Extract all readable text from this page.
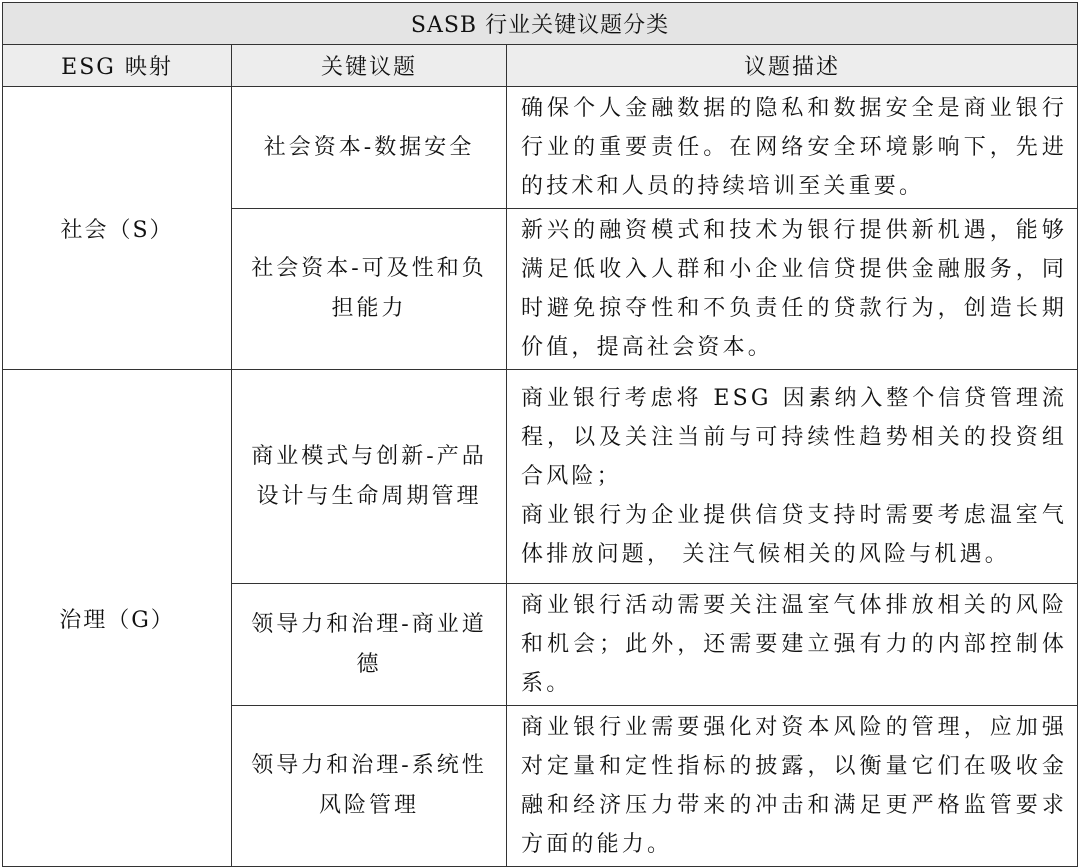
SASB 行业关键议题分类		
ESG 映射	关键议题	议题描述
社会（S）	社会资本-数据安全	确保个人金融数据的隐私和数据安全是商业银行行业的重要责任。在网络安全环境影响下，先进的技术和人员的持续培训至关重要。

	社会资本-可及性和负担能力	新兴的融资模式和技术为银行提供新机遇，能够满足低收入人群和小企业信贷提供金融服务，同时避免掠夺性和不负责任的贷款行为，创造长期价值，提高社会资本。

治理（G）	商业模式与创新-产品设计与生命周期管理	商业银行考虑将 ESG 因素纳入整个信贷管理流程，以及关注当前与可持续性趋势相关的投资组合风险；

商业银行为企业提供信贷支持时需要考虑温室气体排放问题， 关注气候相关的风险与机遇。

	领导力和治理-商业道德	商业银行活动需要关注温室气体排放相关的风险和机会；此外，还需要建立强有力的内部控制体系。

	领导力和治理-系统性风险管理	商业银行业需要强化对资本风险的管理，应加强对定量和定性指标的披露，以衡量它们在吸收金融和经济压力带来的冲击和满足更严格监管要求方面的能力。
